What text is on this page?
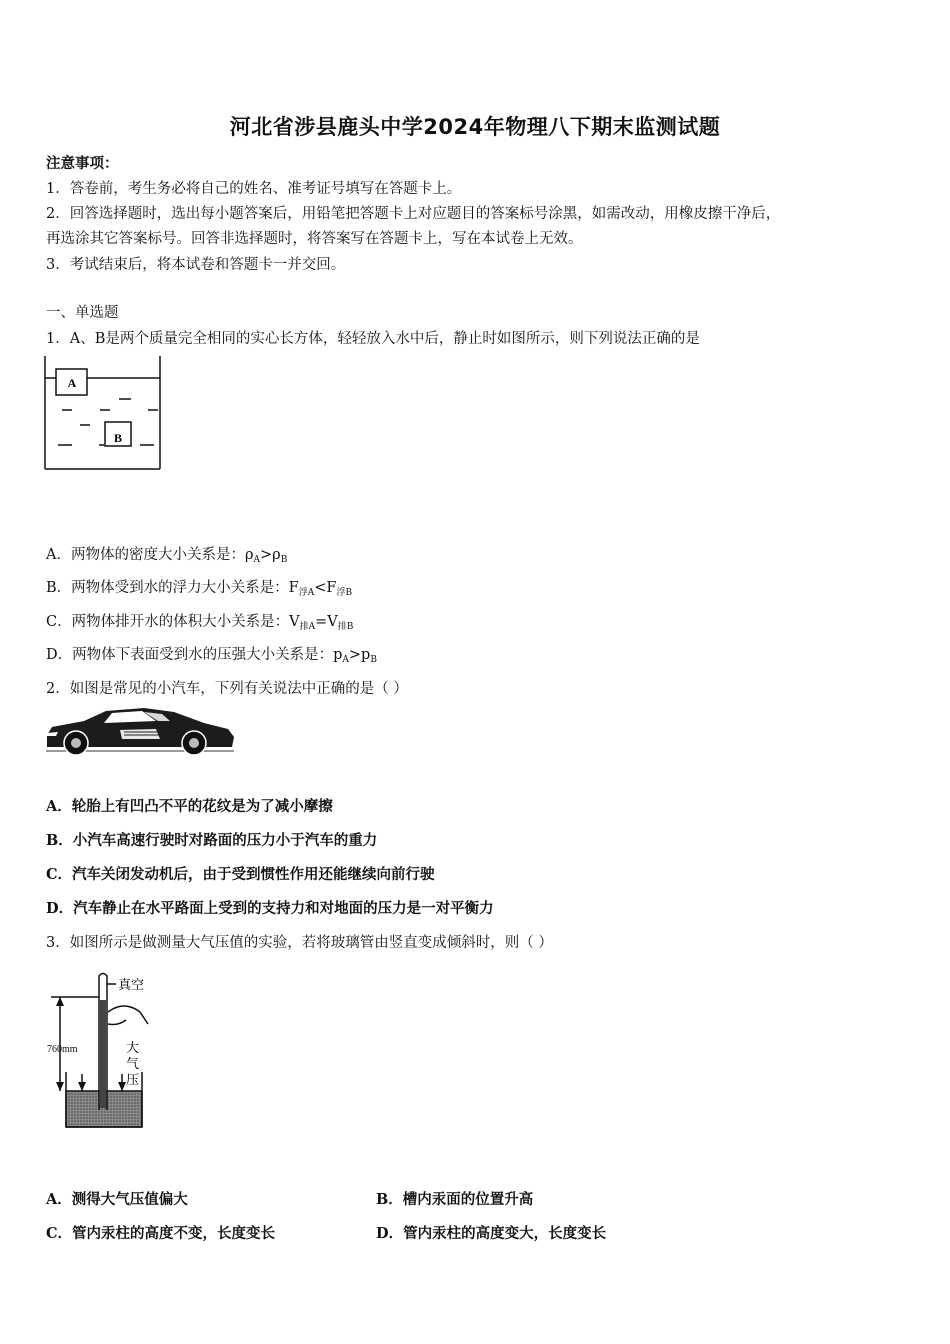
河北省涉县鹿头中学2024年物理八下期末监测试题
注意事项：
1．答卷前，考生务必将自己的姓名、准考证号填写在答题卡上。
2．回答选择题时，选出每小题答案后，用铅笔把答题卡上对应题目的答案标号涂黑，如需改动，用橡皮擦干净后，
再选涂其它答案标号。回答非选择题时，将答案写在答题卡上，写在本试卷上无效。
3．考试结束后，将本试卷和答题卡一并交回。
一、单选题
1．A、B是两个质量完全相同的实心长方体，轻轻放入水中后，静止时如图所示，则下列说法正确的是
A
B
A．两物体的密度大小关系是：$\rho_A>\rho_B$
B．两物体受到水的浮力大小关系是：$F_{浮A}<F_{浮B}$
C．两物体排开水的体积大小关系是：$V_{排A}=V_{排B}$
D．两物体下表面受到水的压强大小关系是：$p_A>p_B$
2．如图是常见的小汽车，下列有关说法中正确的是（ ）
A．轮胎上有凹凸不平的花纹是为了减小摩擦
B．小汽车高速行驶时对路面的压力小于汽车的重力
C．汽车关闭发动机后，由于受到惯性作用还能继续向前行驶
D．汽车静止在水平路面上受到的支持力和对地面的压力是一对平衡力
3．如图所示是做测量大气压值的实验，若将玻璃管由竖直变成倾斜时，则（ ）
真空
760mm	大
气
压
A．测得大气压值偏大	B．槽内汞面的位置升高
C．管内汞柱的高度不变，长度变长	D．管内汞柱的高度变大，长度变长
